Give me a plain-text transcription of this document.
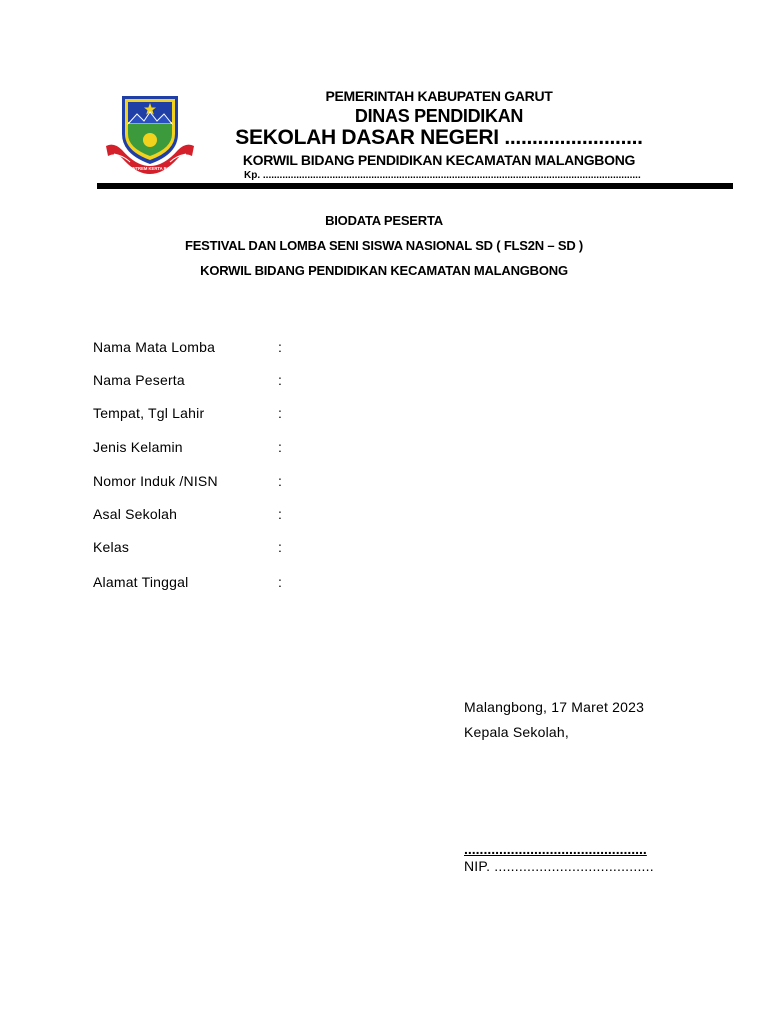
TATA TENTREM KERTA RAHARJA
PEMERINTAH KABUPATEN GARUT
DINAS PENDIDIKAN
SEKOLAH DASAR NEGERI .........................
KORWIL BIDANG PENDIDIKAN KECAMATAN MALANGBONG
Kp. ........................................................................................................................................
BIODATA PESERTA
FESTIVAL DAN LOMBA SENI SISWA NASIONAL SD ( FLS2N – SD )
KORWIL BIDANG PENDIDIKAN KECAMATAN MALANGBONG
Nama Mata Lomba	:
Nama Peserta	:
Tempat, Tgl Lahir	:
Jenis Kelamin	:
Nomor Induk /NISN	:
Asal Sekolah	:
Kelas	:
Alamat Tinggal	:
Malangbong, 17 Maret 2023
Kepala Sekolah,
...............................................
NIP. .......................................
